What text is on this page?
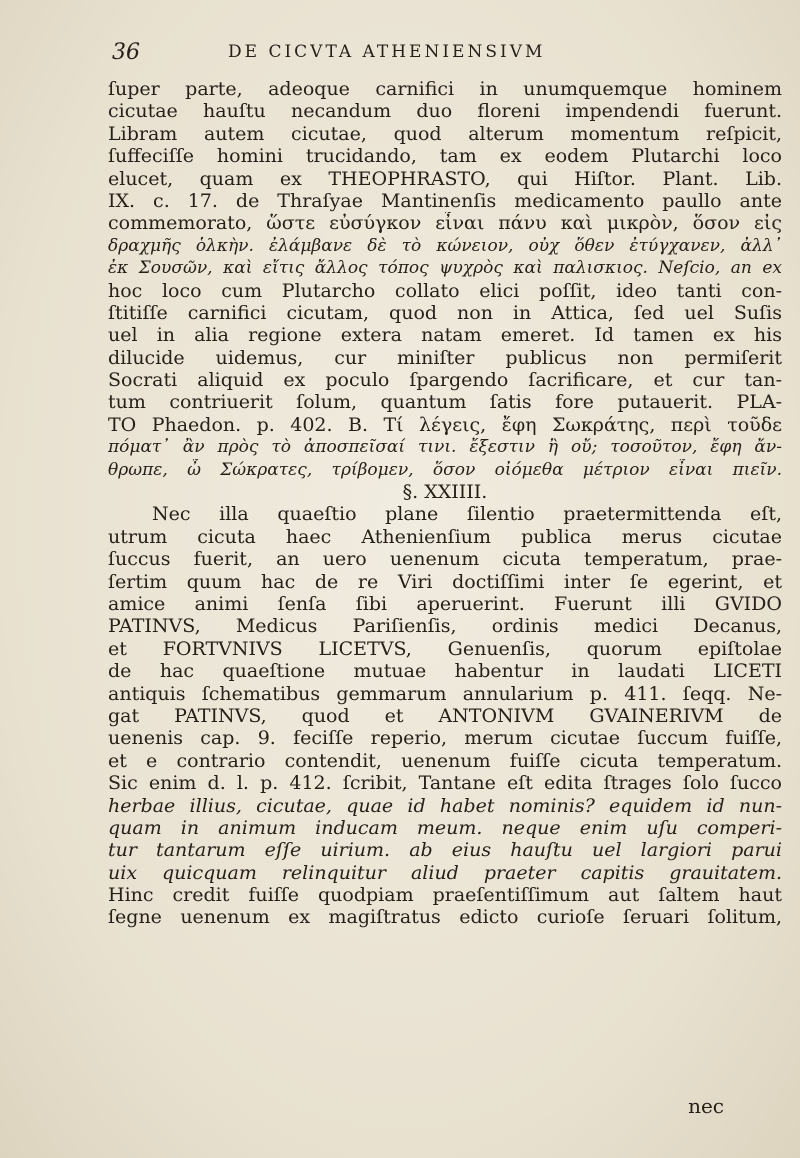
36	DE CICVTA ATHENIENSIVM
ſuper parte, adeoque carnifici in unumquemque hominem
cicutae hauſtu necandum duo floreni impendendi fuerunt.
Libram autem cicutae, quod alterum momentum reſpicit,
ſuffeciſſe homini trucidando, tam ex eodem Plutarchi loco
elucet, quam ex THEOPHRASTO, qui Hiſtor. Plant. Lib.
IX. c. 17. de Thraſyae Mantinenſis medicamento paullo ante
commemorato, ὥστε εὐσύγκον εἶναι πάνυ καὶ μικρὸν, ὅσον εἰς
δραχμῆς ὁλκὴν. ἐλάμβανε δὲ τὸ κώνειον, οὐχ ὅθεν ἐτύγχανεν, ἀλλ᾽
ἐκ Σουσῶν, καὶ εἴτις ἄλλος τόπος ψυχρὸς καὶ παλισκιος. Neſcio, an ex
hoc loco cum Plutarcho collato elici poſſit, ideo tanti con-
ſtitiſſe carnifici cicutam, quod non in Attica, ſed uel Suſis
uel in alia regione extera natam emeret. Id tamen ex his
dilucide uidemus, cur miniſter publicus non permiſerit
Socrati aliquid ex poculo ſpargendo ſacrificare, et cur tan-
tum contriuerit ſolum, quantum ſatis fore putauerit. PLA-
TO Phaedon. p. 402. B. Τί λέγεις, ἔφη Σωκράτης, περὶ τοῦδε
πόματ᾽ ἂν πρὸς τὸ ἀποσπεῖσαί τινι. ἔξεστιν ἢ οὔ; τοσοῦτον, ἔφη ἄν-
θρωπε, ὦ Σώκρατες, τρίβομεν, ὅσον οἰόμεθα μέτριον εἶναι πιεῖν.
§. XXIIII.
Nec illa quaeſtio plane ſilentio praetermittenda eſt,
utrum cicuta haec Athenienſium publica merus cicutae
ſuccus fuerit, an uero uenenum cicuta temperatum, prae-
ſertim quum hac de re Viri doctiſſimi inter ſe egerint, et
amice animi ſenſa ſibi aperuerint. Fuerunt illi GVIDO
PATINVS, Medicus Pariſienſis, ordinis medici Decanus,
et FORTVNIVS LICETVS, Genuenſis, quorum epiſtolae
de hac quaeſtione mutuae habentur in laudati LICETI
antiquis ſchematibus gemmarum annularium p. 411. ſeqq. Ne-
gat PATINVS, quod et ANTONIVM GVAINERIVM de
uenenis cap. 9. feciſſe reperio, merum cicutae ſuccum fuiſſe,
et e contrario contendit, uenenum fuiſſe cicuta temperatum.
Sic enim d. l. p. 412. ſcribit, Tantane eſt edita ſtrages ſolo ſucco
herbae illius, cicutae, quae id habet nominis? equidem id nun-
quam in animum inducam meum. neque enim uſu comperi-
tur tantarum eſſe uirium. ab eius hauſtu uel largiori parui
uix quicquam relinquitur aliud praeter capitis grauitatem.
Hinc credit fuiſſe quodpiam praeſentiſſimum aut ſaltem haut
ſegne uenenum ex magiſtratus edicto curioſe ſeruari ſolitum,
nec
